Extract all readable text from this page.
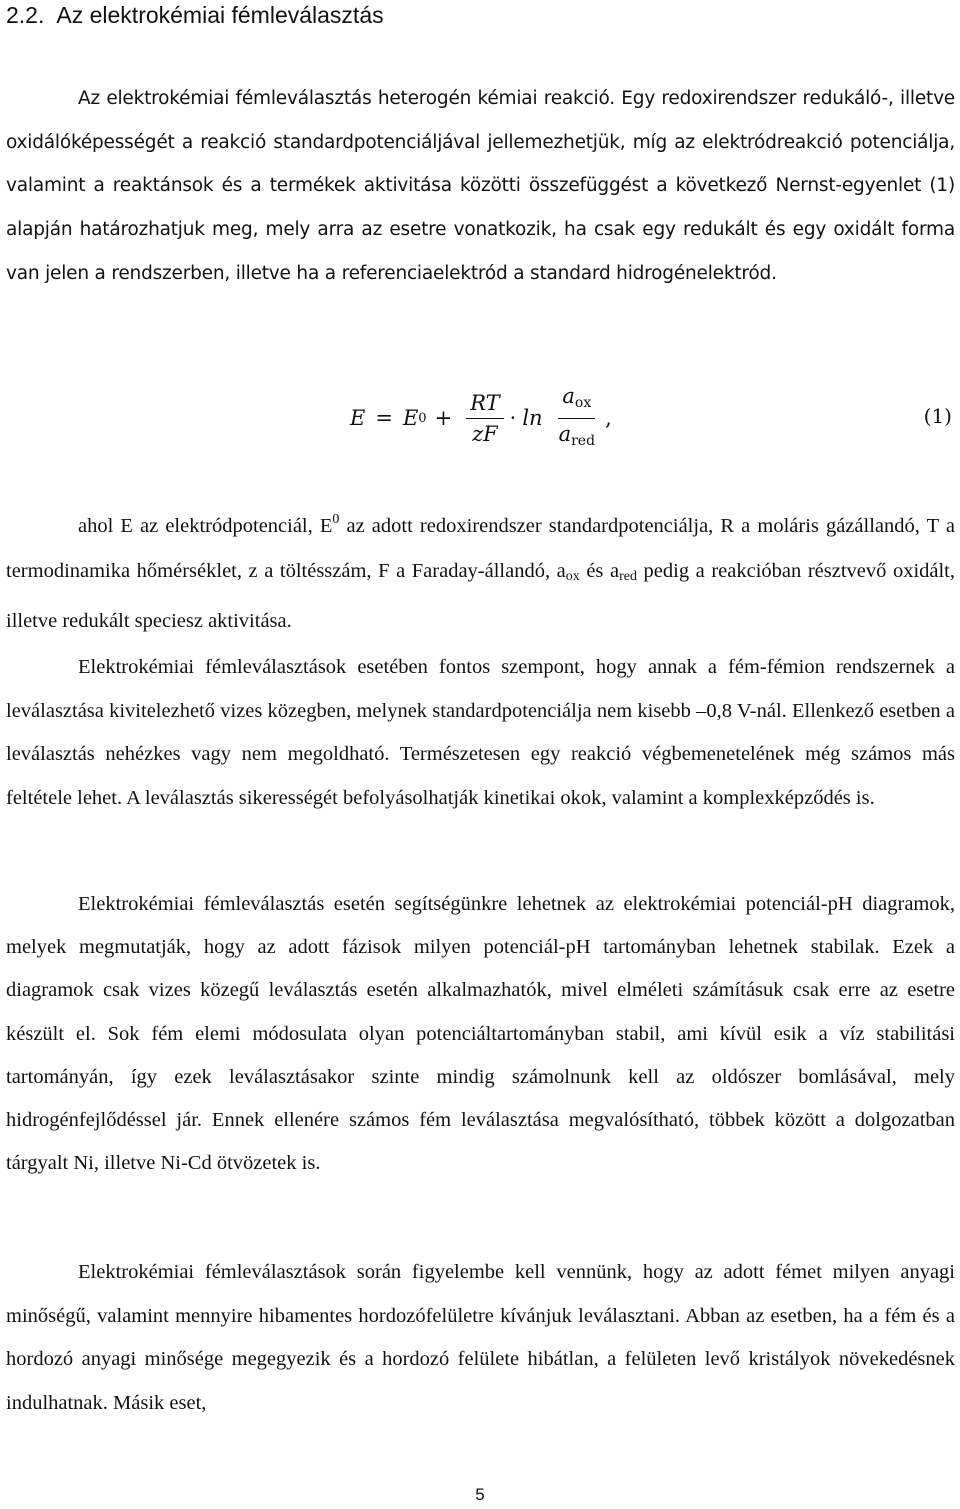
2.2. Az elektrokémiai fémleválasztás

Az elektrokémiai fémleválasztás heterogén kémiai reakció. Egy redoxirendszer redukáló-, illetve oxidálóképességét a reakció standardpotenciáljával jellemezhetjük, míg az elektródreakció potenciálja, valamint a reaktánsok és a termékek aktivitása közötti összefüggést a következő Nernst-egyenlet (1) alapján határozhatjuk meg, mely arra az esetre vonatkozik, ha csak egy redukált és egy oxidált forma van jelen a rendszerben, illetve ha a referenciaelektród a standard hidrogénelektród.

E = E $0 + \frac{RT}{zF} \cdot \ln \frac{a_{ox}}{a_{red}}$ ,	(1)

ahol E az elektródpotenciál, $E^0$ az adott redoxirendszer standardpotenciálja, R a moláris gázállandó, T a termodinamika hőmérséklet, z a töltésszám, F a Faraday-állandó, $a_{ox}$ és $a_{red}$ pedig a reakcióban résztvevő oxidált, illetve redukált speciesz aktivitása.

Elektrokémiai fémleválasztások esetében fontos szempont, hogy annak a fém-fémion rendszernek a leválasztása kivitelezhető vizes közegben, melynek standardpotenciálja nem kisebb –0,8 V-nál. Ellenkező esetben a leválasztás nehézkes vagy nem megoldható. Természetesen egy reakció végbemenetelének még számos más feltétele lehet. A leválasztás sikerességét befolyásolhatják kinetikai okok, valamint a komplexképződés is.

Elektrokémiai fémleválasztás esetén segítségünkre lehetnek az elektrokémiai potenciál-pH diagramok, melyek megmutatják, hogy az adott fázisok milyen potenciál-pH tartományban lehetnek stabilak. Ezek a diagramok csak vizes közegű leválasztás esetén alkalmazhatók, mivel elméleti számításuk csak erre az esetre készült el. Sok fém elemi módosulata olyan potenciáltartományban stabil, ami kívül esik a víz stabilitási tartományán, így ezek leválasztásakor szinte mindig számolnunk kell az oldószer bomlásával, mely hidrogénfejlődéssel jár. Ennek ellenére számos fém leválasztása megvalósítható, többek között a dolgozatban tárgyalt Ni, illetve Ni-Cd ötvözetek is.

Elektrokémiai fémleválasztások során figyelembe kell vennünk, hogy az adott fémet milyen anyagi minőségű, valamint mennyire hibamentes hordozófelületre kívánjuk leválasztani. Abban az esetben, ha a fém és a hordozó anyagi minősége megegyezik és a hordozó felülete hibátlan, a felületen levő kristályok növekedésnek indulhatnak. Másik eset,

5
